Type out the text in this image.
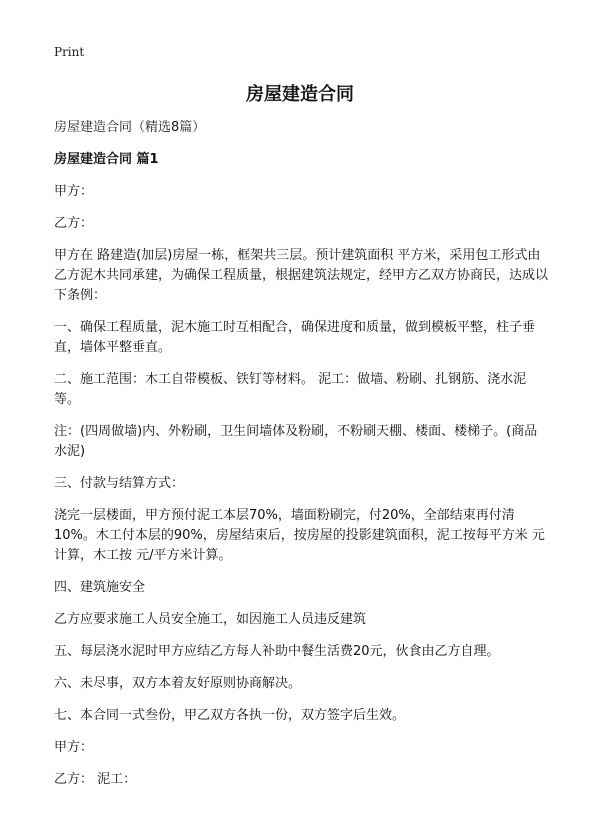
Print
房屋建造合同

房屋建造合同（精选8篇）

房屋建造合同 篇1

甲方：

乙方：

甲方在 路建造(加层)房屋一栋，框架共三层。预计建筑面积 平方米，采用包工形式由乙方泥木共同承建，为确保工程质量，根据建筑法规定，经甲方乙双方协商民，达成以下条例：

一、确保工程质量，泥木施工时互相配合，确保进度和质量，做到模板平整，柱子垂直，墙体平整垂直。

二、施工范围：木工自带模板、铁钉等材料。 泥工：做墙、粉刷、扎钢筋、浇水泥等。

注：(四周做墙)内、外粉刷，卫生间墙体及粉刷，不粉刷天棚、楼面、楼梯子。(商品水泥)

三、付款与结算方式：

浇完一层楼面，甲方预付泥工本层70%，墙面粉刷完，付20%，全部结束再付清10%。木工付本层的90%，房屋结束后，按房屋的投影建筑面积，泥工按每平方米 元计算，木工按 元/平方米计算。

四、建筑施安全

乙方应要求施工人员安全施工，如因施工人员违反建筑

五、每层浇水泥时甲方应结乙方每人补助中餐生活费20元，伙食由乙方自理。

六、未尽事，双方本着友好原则协商解决。

七、本合同一式叁份，甲乙双方各执一份，双方签字后生效。

甲方：

乙方： 泥工：
